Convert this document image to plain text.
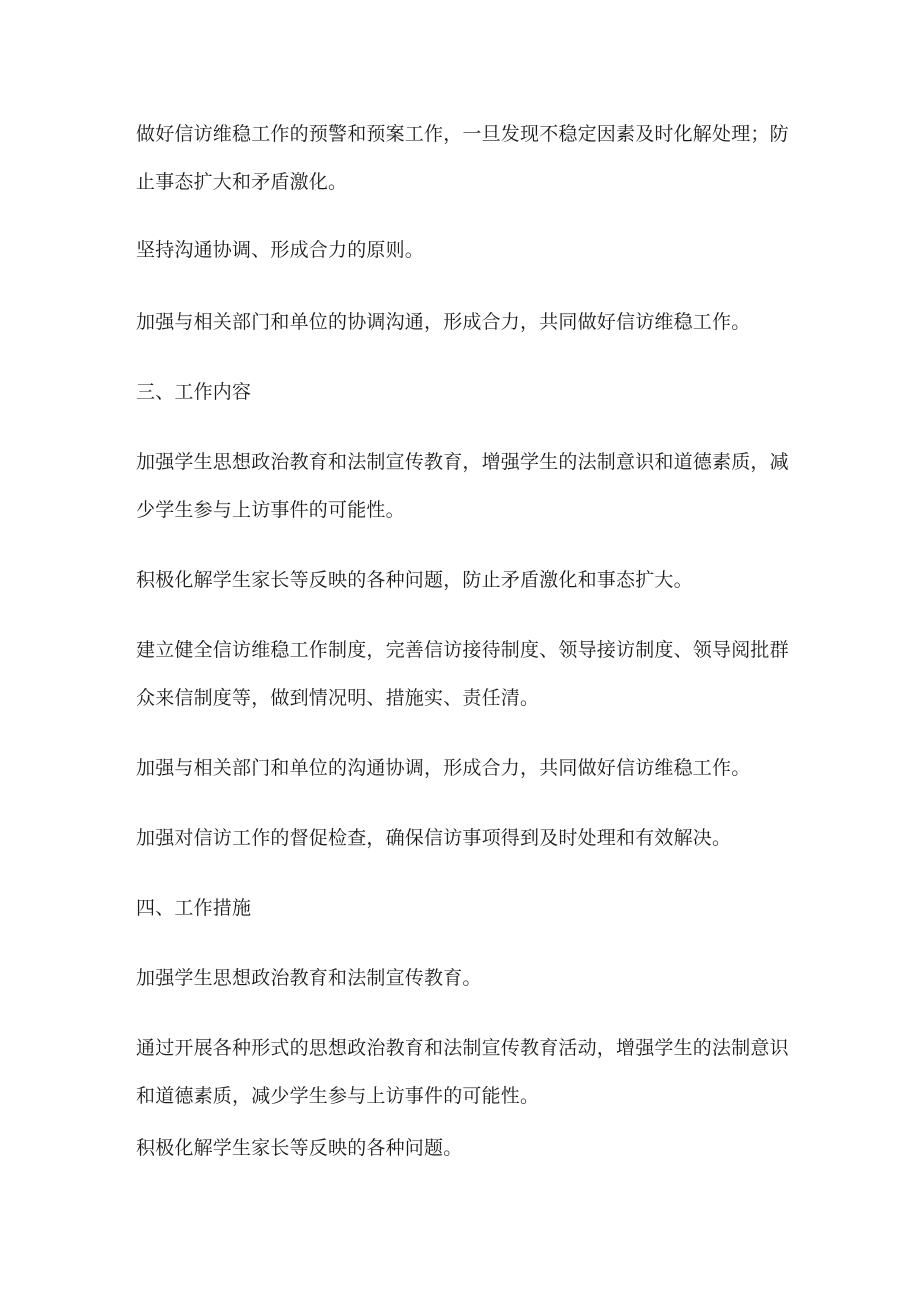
做好信访维稳工作的预警和预案工作，一旦发现不稳定因素及时化解处理；防止事态扩大和矛盾激化。

坚持沟通协调、形成合力的原则。

加强与相关部门和单位的协调沟通，形成合力，共同做好信访维稳工作。

三、工作内容

加强学生思想政治教育和法制宣传教育，增强学生的法制意识和道德素质，减少学生参与上访事件的可能性。

积极化解学生家长等反映的各种问题，防止矛盾激化和事态扩大。

建立健全信访维稳工作制度，完善信访接待制度、领导接访制度、领导阅批群众来信制度等，做到情况明、措施实、责任清。

加强与相关部门和单位的沟通协调，形成合力，共同做好信访维稳工作。

加强对信访工作的督促检查，确保信访事项得到及时处理和有效解决。

四、工作措施

加强学生思想政治教育和法制宣传教育。

通过开展各种形式的思想政治教育和法制宣传教育活动，增强学生的法制意识和道德素质，减少学生参与上访事件的可能性。

积极化解学生家长等反映的各种问题。
